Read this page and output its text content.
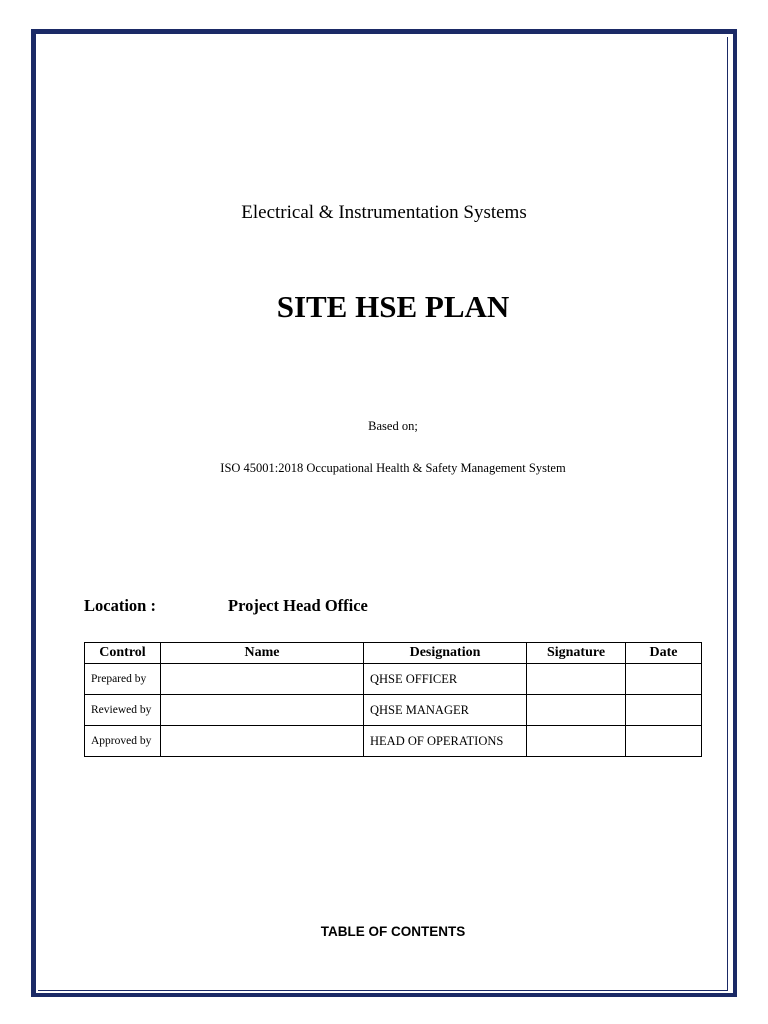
Electrical & Instrumentation Systems
SITE HSE PLAN
Based on;
ISO 45001:2018 Occupational Health & Safety Management System
Location :	Project Head Office
Control	Name	Designation	Signature	Date
Prepared by		QHSE OFFICER		
Reviewed by		QHSE MANAGER		
Approved by		HEAD OF OPERATIONS		
TABLE OF CONTENTS
